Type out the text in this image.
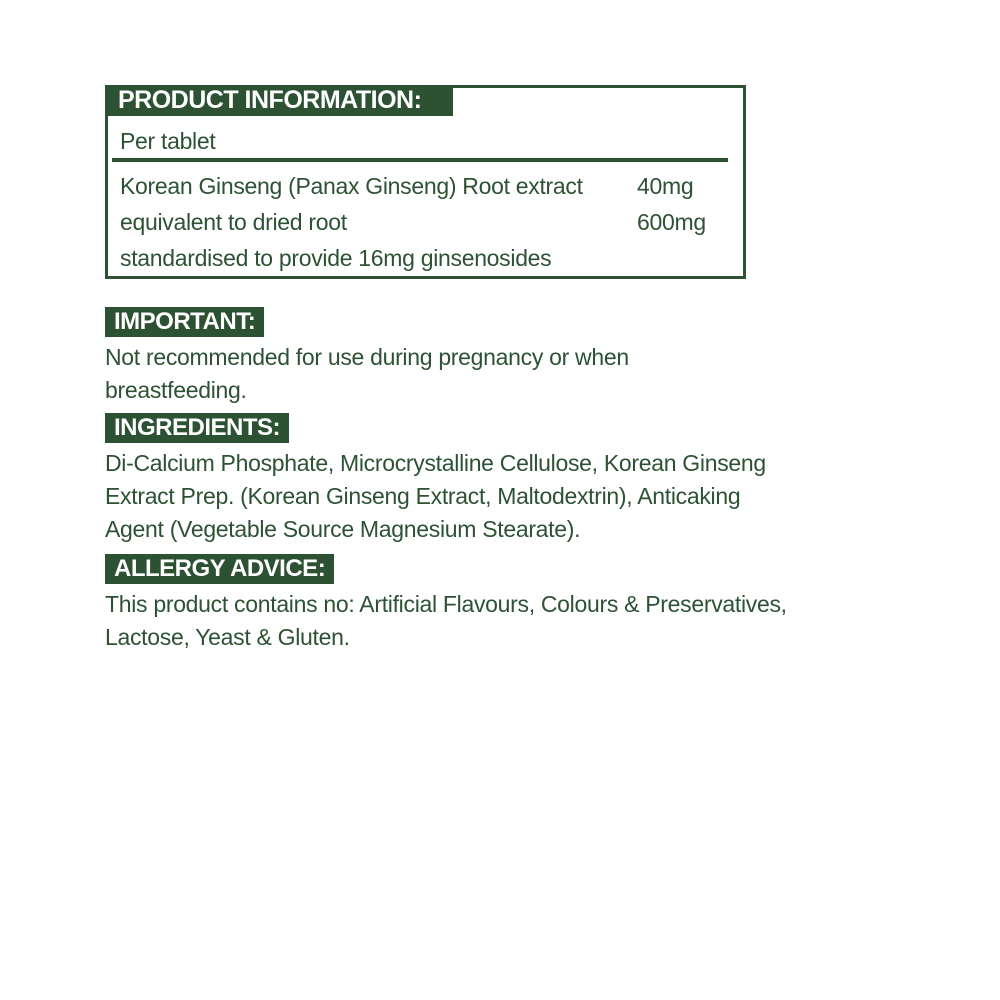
PRODUCT INFORMATION:
Per tablet
Korean Ginseng (Panax Ginseng) Root extract 40mg
equivalent to dried root	600mg
standardised to provide 16mg ginsenosides
IMPORTANT:
Not recommended for use during pregnancy or when
breastfeeding.
INGREDIENTS:
Di-Calcium Phosphate, Microcrystalline Cellulose, Korean Ginseng
Extract Prep. (Korean Ginseng Extract, Maltodextrin), Anticaking
Agent (Vegetable Source Magnesium Stearate).
ALLERGY ADVICE:
This product contains no: Artificial Flavours, Colours & Preservatives,
Lactose, Yeast & Gluten.
